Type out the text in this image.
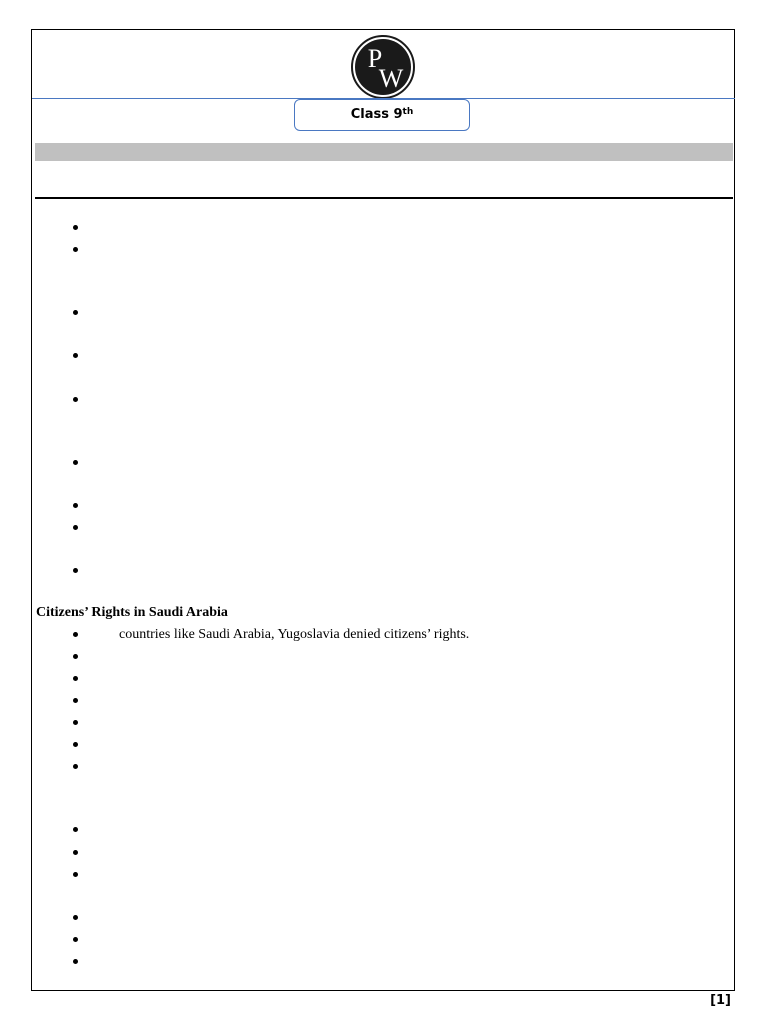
P
W
Class 9th
Citizens’ Rights in Saudi Arabia
countries like Saudi Arabia, Yugoslavia denied citizens’ rights.
[1]
